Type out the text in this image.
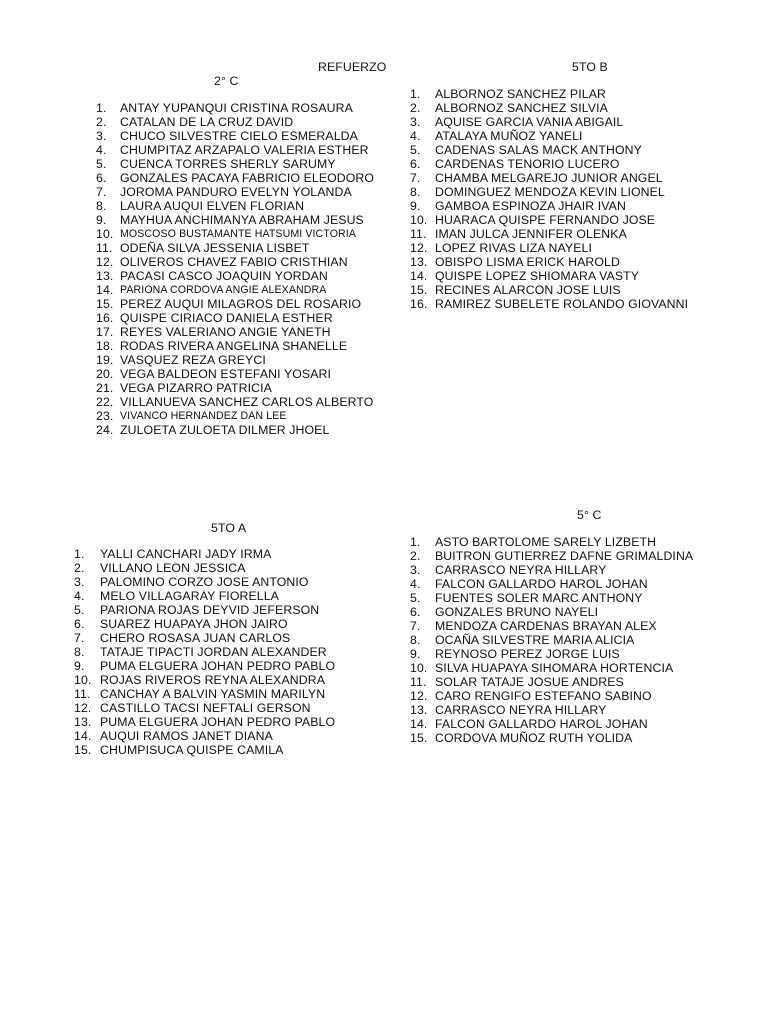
REFUERZO
2° C
1. ANTAY YUPANQUI CRISTINA ROSAURA
2. CATALAN DE LA CRUZ DAVID
3. CHUCO SILVESTRE CIELO ESMERALDA
4. CHUMPITAZ ARZAPALO VALERIA ESTHER
5. CUENCA TORRES SHERLY SARUMY
6. GONZALES PACAYA FABRICIO ELEODORO
7. JOROMA PANDURO EVELYN YOLANDA
8. LAURA AUQUI ELVEN FLORIAN
9. MAYHUA ANCHIMANYA ABRAHAM JESUS
10. MOSCOSO BUSTAMANTE HATSUMI VICTORIA
11. ODEÑA SILVA JESSENIA LISBET
12. OLIVEROS CHAVEZ FABIO CRISTHIAN
13. PACASI CASCO JOAQUIN YORDAN
14. PARIONA CORDOVA ANGIE ALEXANDRA
15. PEREZ AUQUI MILAGROS DEL ROSARIO
16. QUISPE CIRIACO DANIELA ESTHER
17. REYES VALERIANO ANGIE YANETH
18. RODAS RIVERA ANGELINA SHANELLE
19. VASQUEZ REZA GREYCI
20. VEGA BALDEON ESTEFANI YOSARI
21. VEGA PIZARRO PATRICIA
22. VILLANUEVA SANCHEZ CARLOS ALBERTO
23. VIVANCO HERNANDEZ DAN LEE
24. ZULOETA ZULOETA DILMER JHOEL
5TO B
1. ALBORNOZ SANCHEZ PILAR
2. ALBORNOZ SANCHEZ SILVIA
3. AQUISE GARCIA VANIA ABIGAIL
4. ATALAYA MUÑOZ YANELI
5. CADENAS SALAS MACK ANTHONY
6. CARDENAS TENORIO LUCERO
7. CHAMBA MELGAREJO JUNIOR ANGEL
8. DOMINGUEZ MENDOZA KEVIN LIONEL
9. GAMBOA ESPINOZA JHAIR IVAN
10. HUARACA QUISPE FERNANDO JOSE
11. IMAN JULCA JENNIFER OLENKA
12. LOPEZ RIVAS LIZA NAYELI
13. OBISPO LISMA ERICK HAROLD
14. QUISPE LOPEZ SHIOMARA VASTY
15. RECINES ALARCON JOSE LUIS
16. RAMIREZ SUBELETE ROLANDO GIOVANNI
5TO A
1. YALLI CANCHARI JADY IRMA
2. VILLANO LEON JESSICA
3. PALOMINO CORZO JOSE ANTONIO
4. MELO VILLAGARAY FIORELLA
5. PARIONA ROJAS DEYVID JEFERSON
6. SUAREZ HUAPAYA JHON JAIRO
7. CHERO ROSASA JUAN CARLOS
8. TATAJE TIPACTI JORDAN ALEXANDER
9. PUMA ELGUERA JOHAN PEDRO PABLO
10. ROJAS RIVEROS REYNA ALEXANDRA
11. CANCHAY A BALVIN YASMIN MARILYN
12. CASTILLO TACSI NEFTALI GERSON
13. PUMA ELGUERA JOHAN PEDRO PABLO
14. AUQUI RAMOS JANET DIANA
15. CHUMPISUCA QUISPE CAMILA
5° C
1. ASTO BARTOLOME SARELY LIZBETH
2. BUITRON GUTIERREZ DAFNE GRIMALDINA
3. CARRASCO NEYRA HILLARY
4. FALCON GALLARDO HAROL JOHAN
5. FUENTES SOLER MARC ANTHONY
6. GONZALES BRUNO NAYELI
7. MENDOZA CARDENAS BRAYAN ALEX
8. OCAÑA SILVESTRE MARIA ALICIA
9. REYNOSO PEREZ JORGE LUIS
10. SILVA HUAPAYA SIHOMARA HORTENCIA
11. SOLAR TATAJE JOSUE ANDRES
12. CARO RENGIFO ESTEFANO SABINO
13. CARRASCO NEYRA HILLARY
14. FALCON GALLARDO HAROL JOHAN
15. CORDOVA MUÑOZ RUTH YOLIDA
